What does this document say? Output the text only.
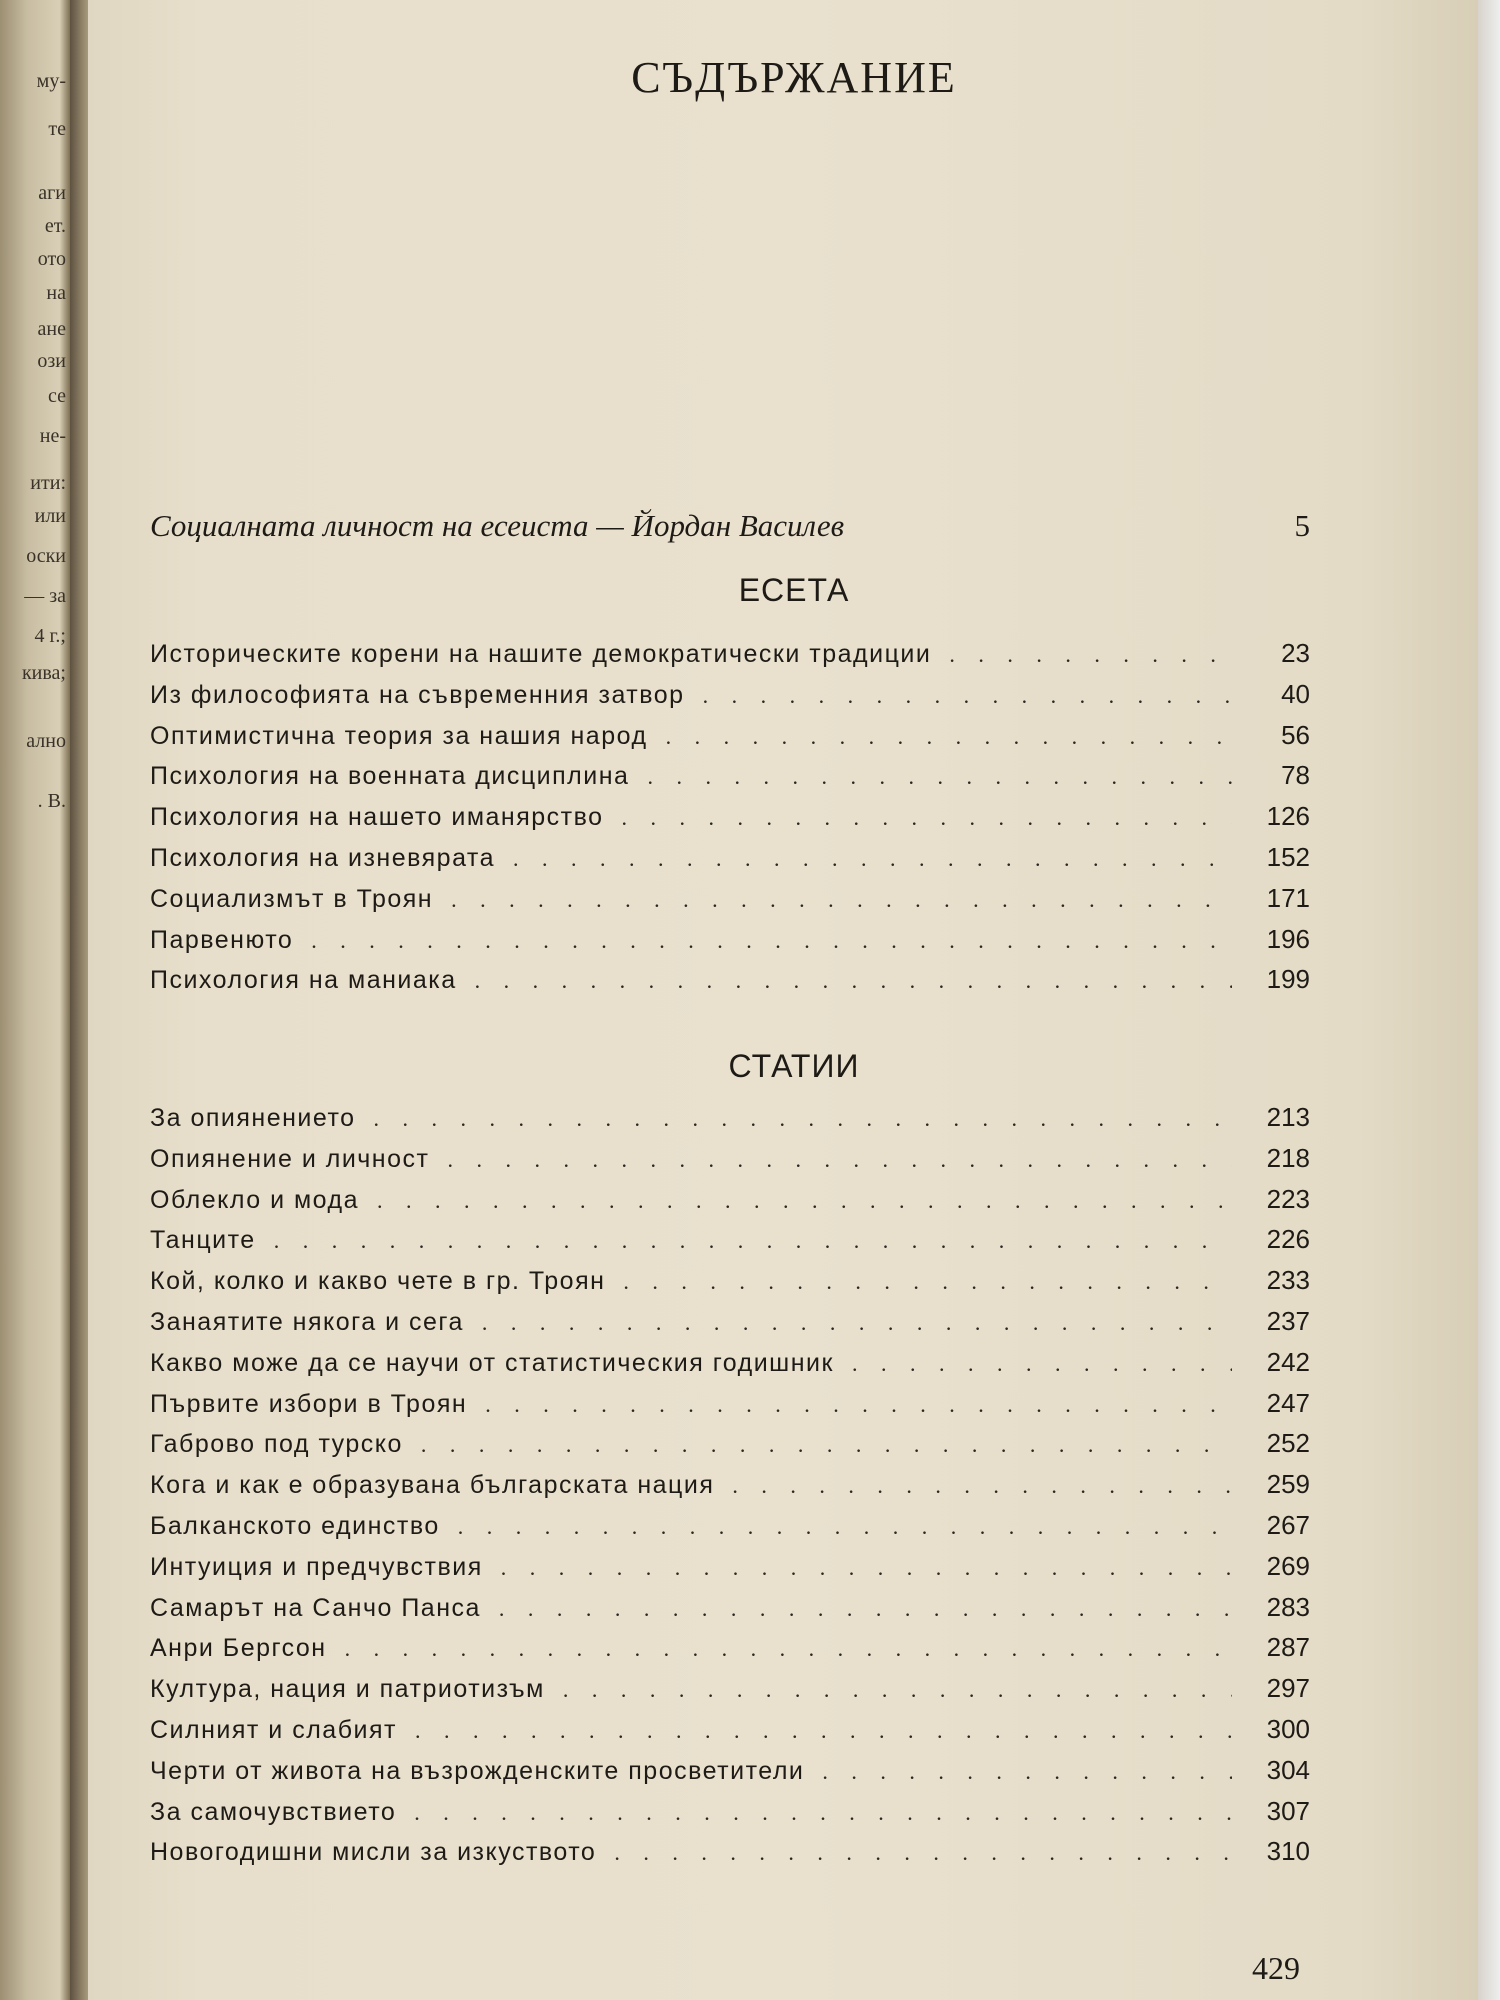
му-
те
аги
ет.
ото
на
ане
ози
се
не-
ити:
или
оски
— за
4 г.;
кива;
ално
. В.
СЪДЪРЖАНИЕ
Социалната личност на есеиста — Йордан Василев	5
ЕСЕТА
Историческите корени на нашите демократически традиции . . .	23
Из философията на съвременния затвор . . .	40
Оптимистична теория за нашия народ . . .	56
Психология на военната дисциплина . . .	78
Психология на нашето иманярство . . .	126
Психология на изневярата . . .	152
Социализмът в Троян . . .	171
Парвенюто . . .	196
Психология на маниака . . .	199
СТАТИИ
За опиянението . . .	213
Опиянение и личност . . .	218
Облекло и мода . . .	223
Танците . . .	226
Кой, колко и какво чете в гр. Троян . . .	233
Занаятите някога и сега . . .	237
Какво може да се научи от статистическия годишник . . .	242
Първите избори в Троян . . .	247
Габрово под турско . . .	252
Кога и как е образувана българската нация . . .	259
Балканското единство . . .	267
Интуиция и предчувствия . . .	269
Самарът на Санчо Панса . . .	283
Анри Бергсон . . .	287
Култура, нация и патриотизъм . . .	297
Силният и слабият . . .	300
Черти от живота на възрожденските просветители . . .	304
За самочувствието . . .	307
Новогодишни мисли за изкуството . . .	310
429
